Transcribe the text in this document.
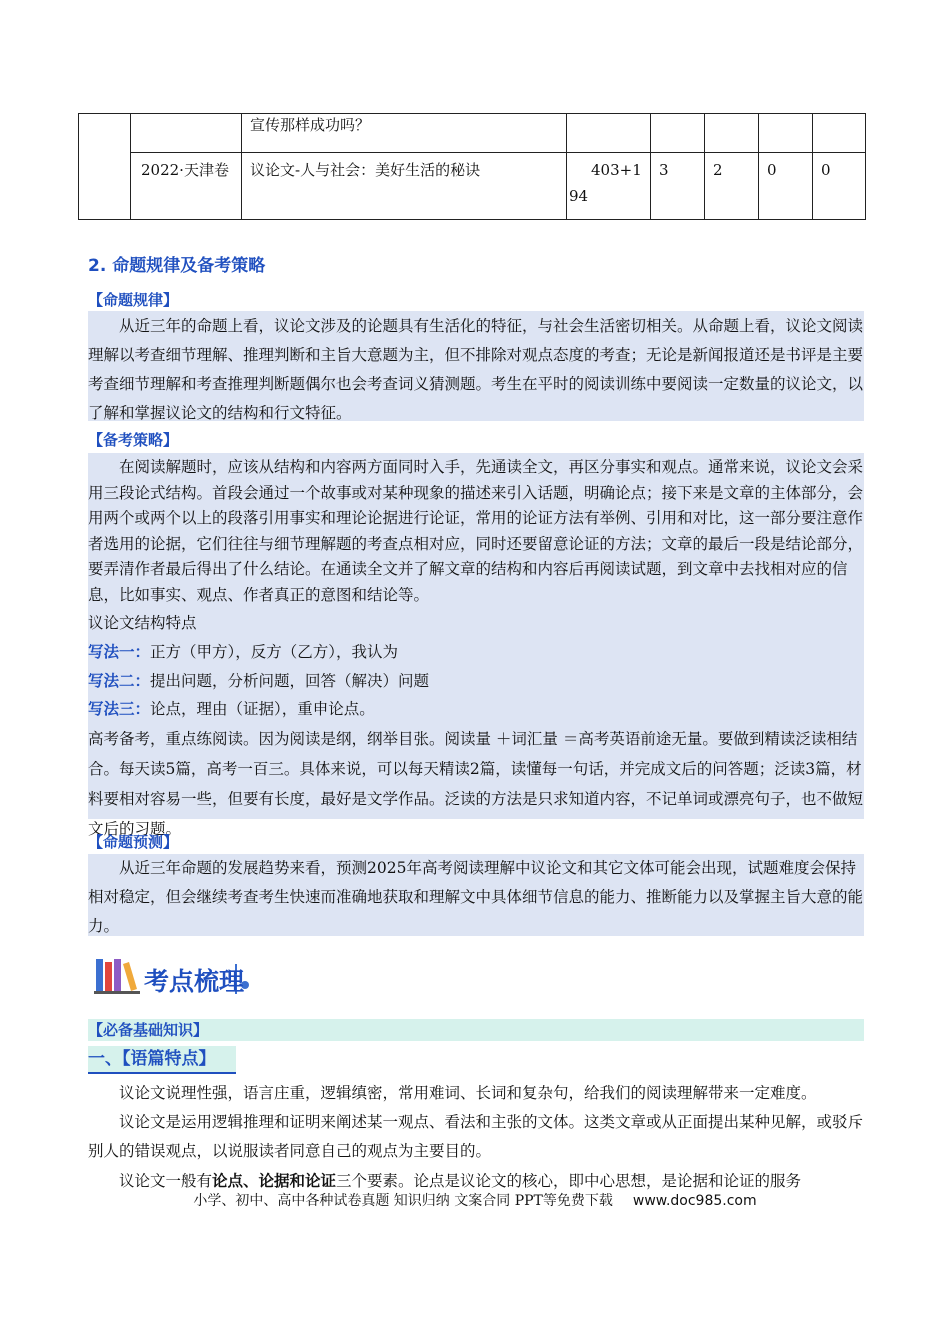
		宣传那样成功吗？					
	2022·天津卷	议论文-人与社会：美好生活的秘诀	403+194	3	2	0	0
2. 命题规律及备考策略
【命题规律】

从近三年的命题上看，议论文涉及的论题具有生活化的特征，与社会生活密切相关。从命题上看，议论文阅读理解以考查细节理解、推理判断和主旨大意题为主，但不排除对观点态度的考查；无论是新闻报道还是书评是主要考查细节理解和考查推理判断题偶尔也会考查词义猜测题。考生在平时的阅读训练中要阅读一定数量的议论文，以了解和掌握议论文的结构和行文特征。

【备考策略】

在阅读解题时，应该从结构和内容两方面同时入手，先通读全文，再区分事实和观点。通常来说，议论文会采用三段论式结构。首段会通过一个故事或对某种现象的描述来引入话题，明确论点；接下来是文章的主体部分，会用两个或两个以上的段落引用事实和理论论据进行论证，常用的论证方法有举例、引用和对比，这一部分要注意作者选用的论据，它们往往与细节理解题的考查点相对应，同时还要留意论证的方法；文章的最后一段是结论部分，要弄清作者最后得出了什么结论。在通读全文并了解文章的结构和内容后再阅读试题，到文章中去找相对应的信息，比如事实、观点、作者真正的意图和结论等。

议论文结构特点

写法一：正方（甲方），反方（乙方），我认为
写法二：提出问题，分析问题，回答（解决）问题
写法三：论点，理由（证据），重申论点。

高考备考，重点练阅读。因为阅读是纲，纲举目张。阅读量 ＋词汇量 ＝高考英语前途无量。要做到精读泛读相结合。每天读5篇，高考一百三。具体来说，可以每天精读2篇，读懂每一句话，并完成文后的问答题；泛读3篇，材料要相对容易一些，但要有长度，最好是文学作品。泛读的方法是只求知道内容，不记单词或漂亮句子，也不做短文后的习题。

【命题预测】

从近三年命题的发展趋势来看，预测2025年高考阅读理解中议论文和其它文体可能会出现，试题难度会保持相对稳定，但会继续考查考生快速而准确地获取和理解文中具体细节信息的能力、推断能力以及掌握主旨大意的能力。

考点梳理
【必备基础知识】
一、【语篇特点】

议论文说理性强，语言庄重，逻辑缜密，常用难词、长词和复杂句，给我们的阅读理解带来一定难度。

议论文是运用逻辑推理和证明来阐述某一观点、看法和主张的文体。这类文章或从正面提出某种见解，或驳斥别人的错误观点，以说服读者同意自己的观点为主要目的。

议论文一般有论点、论据和论证三个要素。论点是议论文的核心，即中心思想，是论据和论证的服务

小学、初中、高中各种试卷真题 知识归纳 文案合同 PPT等免费下载 www.doc985.com
